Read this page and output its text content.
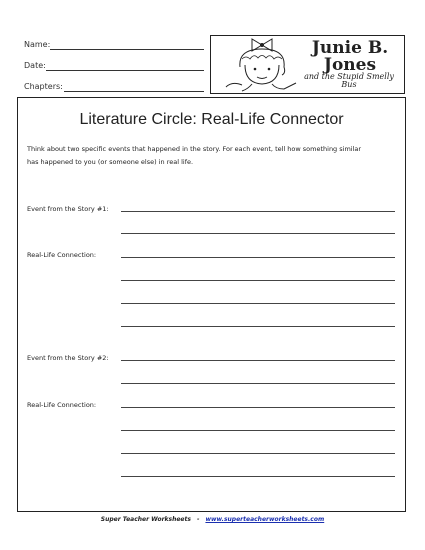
Name:
Date:
Chapters:
Junie B. Jones
and the Stupid Smelly Bus
Literature Circle: Real-Life Connector
Think about two specific events that happened in the story. For each event, tell how something similar
has happened to you (or someone else) in real life.
Event from the Story #1:
Real-Life Connection:
Event from the Story #2:
Real-Life Connection:
Super Teacher Worksheets - www.superteacherworksheets.com
